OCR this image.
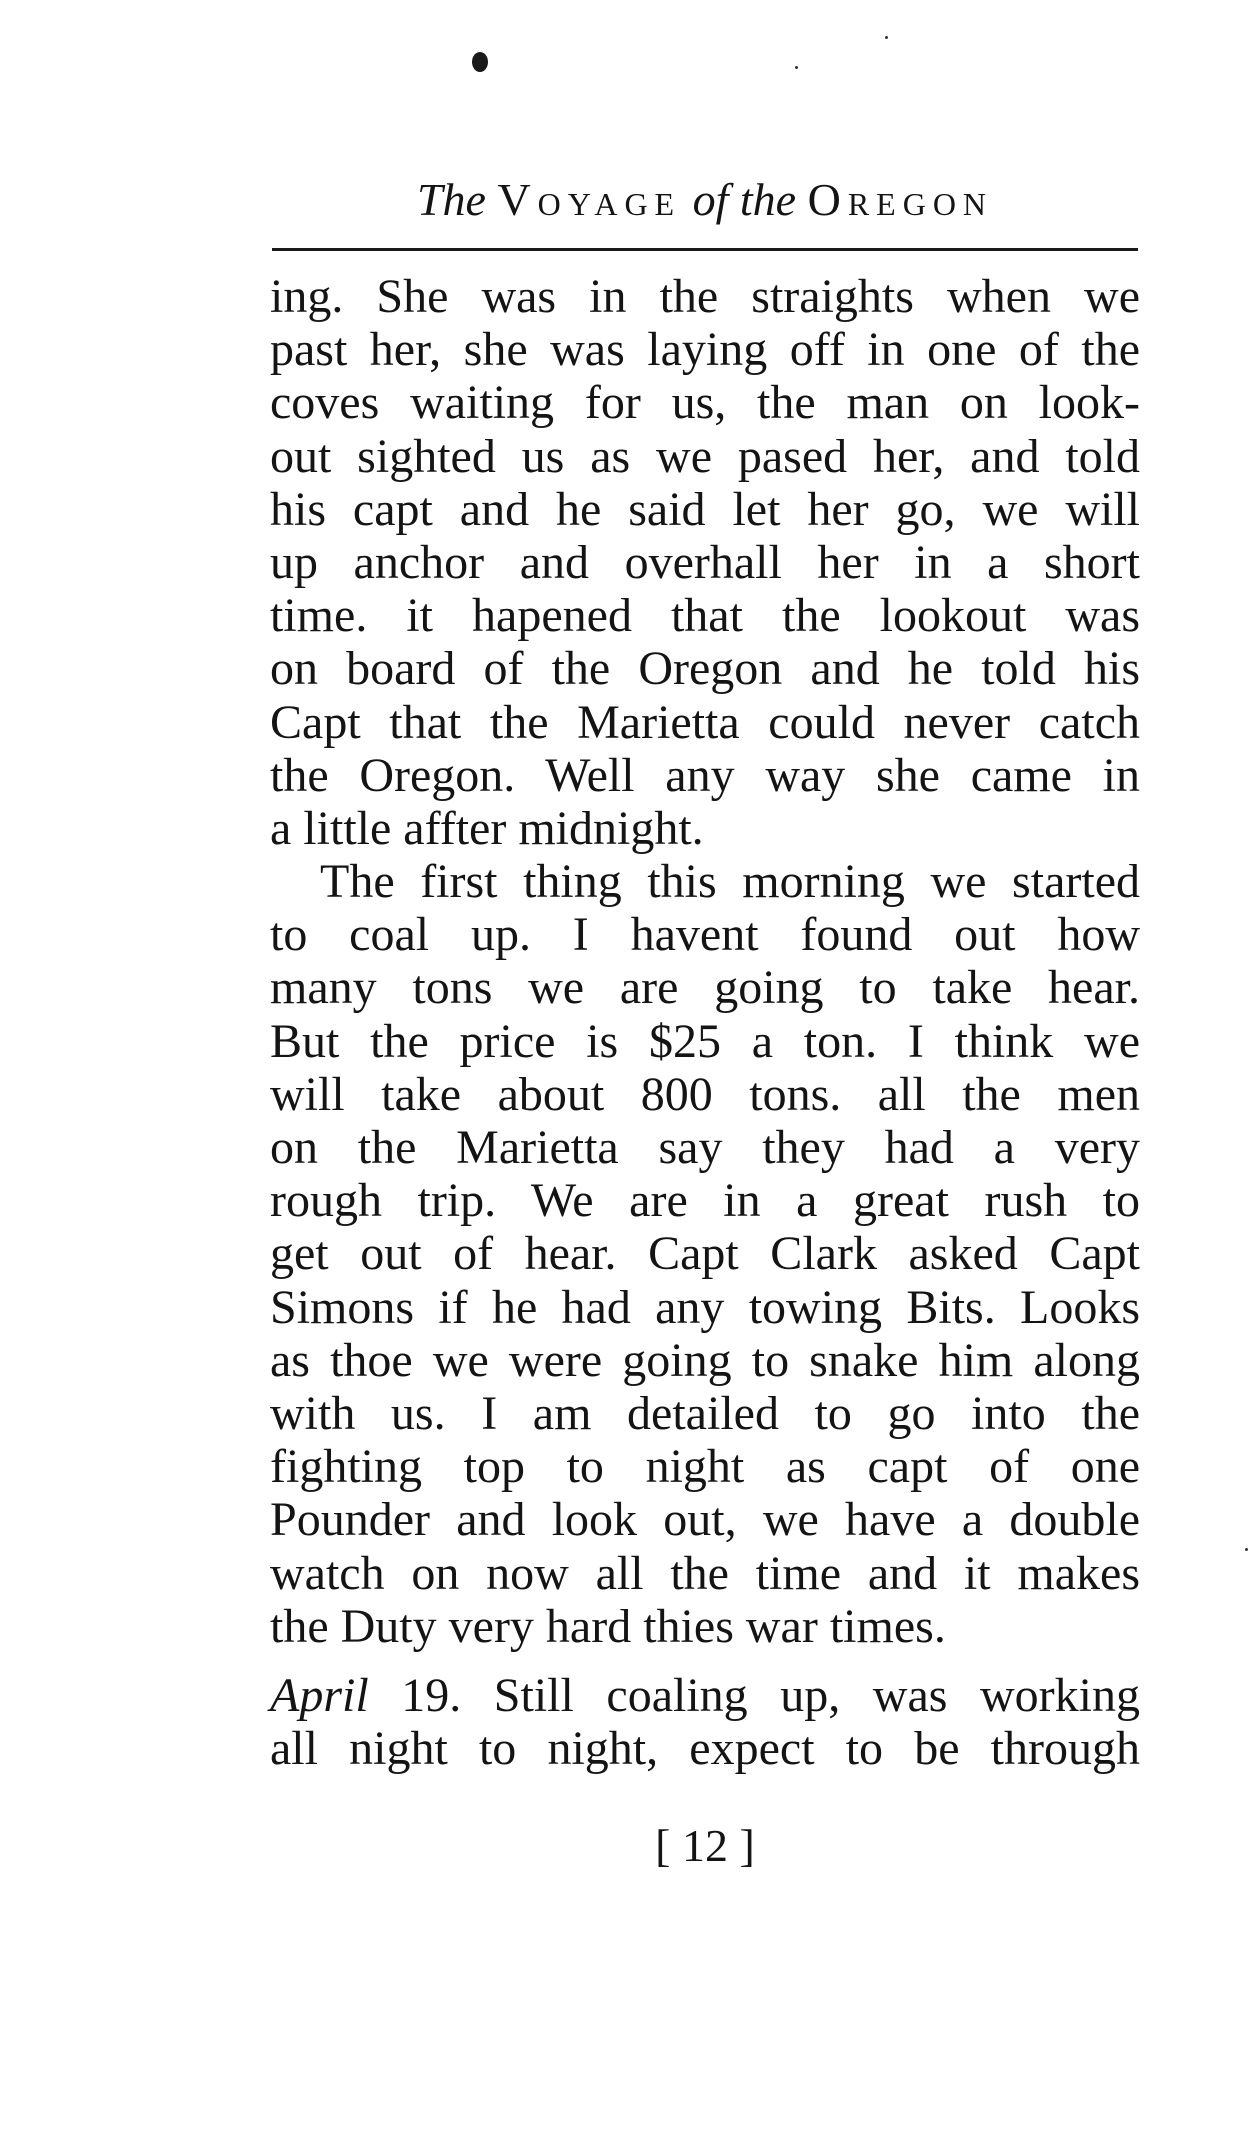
The Voyage of the Oregon
ing. She was in the straights when we
past her, she was laying off in one of the
coves waiting for us, the man on look-
out sighted us as we pased her, and told
his capt and he said let her go, we will
up anchor and overhall her in a short
time. it hapened that the lookout was
on board of the Oregon and he told his
Capt that the Marietta could never catch
the Oregon. Well any way she came in
a little affter midnight.
The first thing this morning we started
to coal up. I havent found out how
many tons we are going to take hear.
But the price is $25 a ton. I think we
will take about 800 tons. all the men
on the Marietta say they had a very
rough trip. We are in a great rush to
get out of hear. Capt Clark asked Capt
Simons if he had any towing Bits. Looks
as thoe we were going to snake him along
with us. I am detailed to go into the
fighting top to night as capt of one
Pounder and look out, we have a double
watch on now all the time and it makes
the Duty very hard thies war times.
April 19. Still coaling up, was working
all night to night, expect to be through
[ 12 ]
